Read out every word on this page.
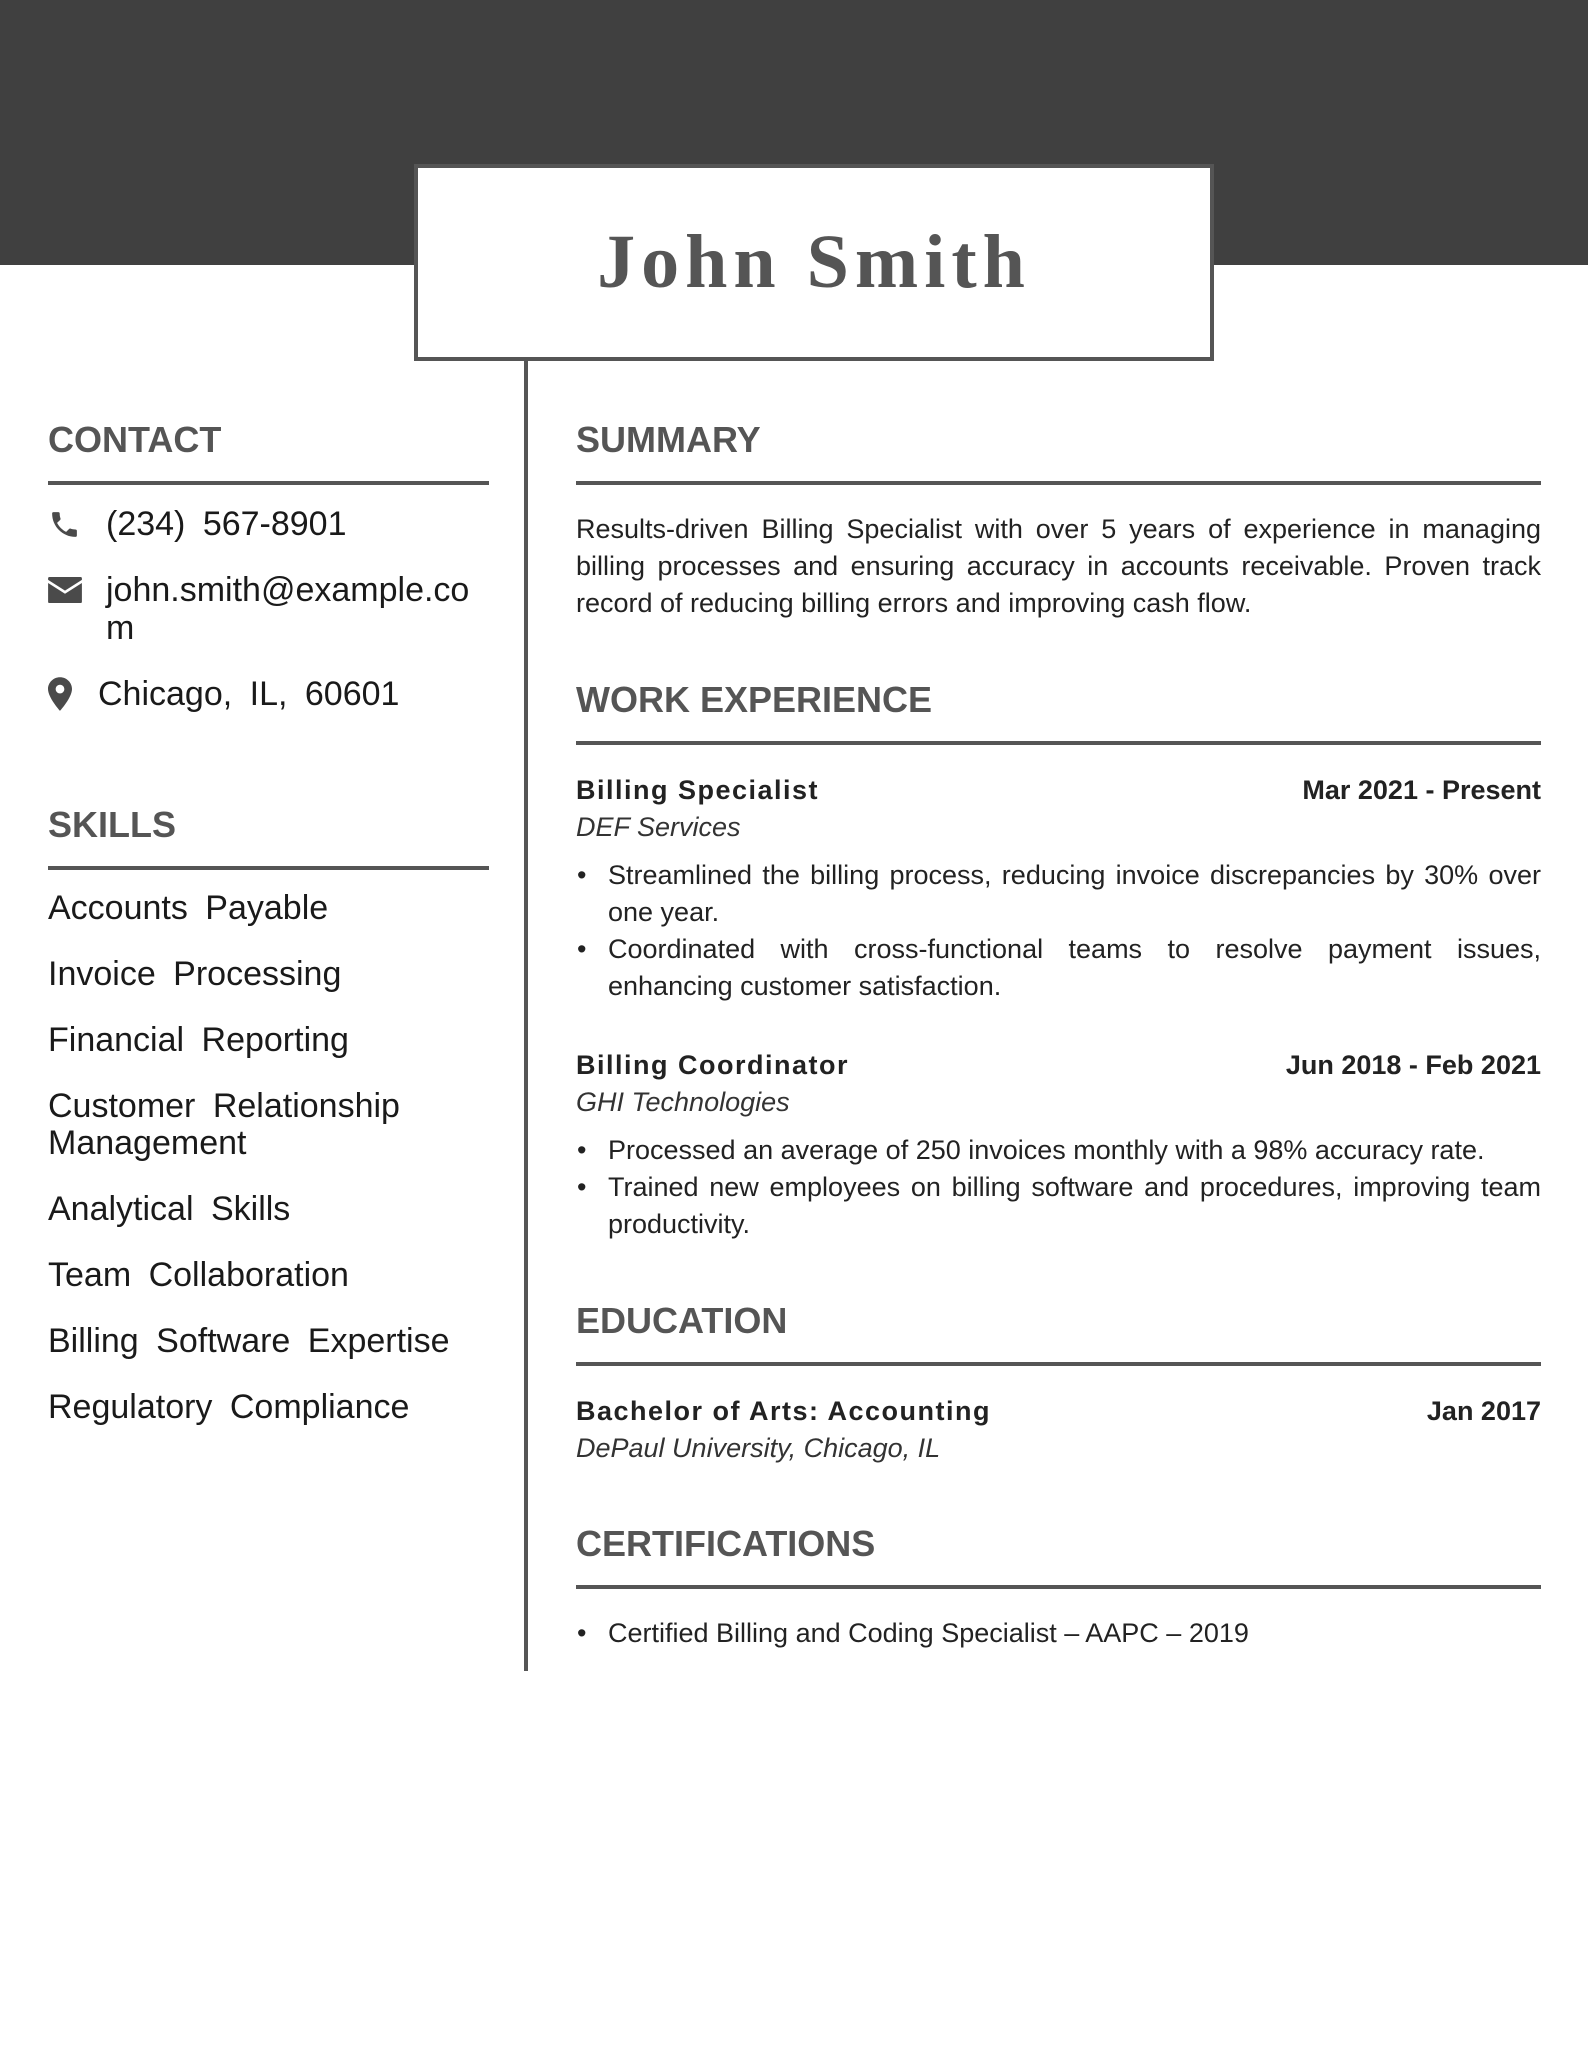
John Smith
CONTACT
(234) 567-8901
john.smith@example.com
Chicago, IL, 60601
SKILLS
Accounts Payable
Invoice Processing
Financial Reporting
Customer Relationship Management
Analytical Skills
Team Collaboration
Billing Software Expertise
Regulatory Compliance
SUMMARY

Results-driven Billing Specialist with over 5 years of experience in managing billing processes and ensuring accuracy in accounts receivable. Proven track record of reducing billing errors and improving cash flow.

WORK EXPERIENCE
Billing Specialist	Mar 2021 - Present
DEF Services
• Streamlined the billing process, reducing invoice discrepancies by 30% over one year.
• Coordinated with cross-functional teams to resolve payment issues, enhancing customer satisfaction.
Billing Coordinator	Jun 2018 - Feb 2021
GHI Technologies
• Processed an average of 250 invoices monthly with a 98% accuracy rate.
• Trained new employees on billing software and procedures, improving team productivity.
EDUCATION
Bachelor of Arts: Accounting	Jan 2017
DePaul University, Chicago, IL
CERTIFICATIONS
• Certified Billing and Coding Specialist – AAPC – 2019
